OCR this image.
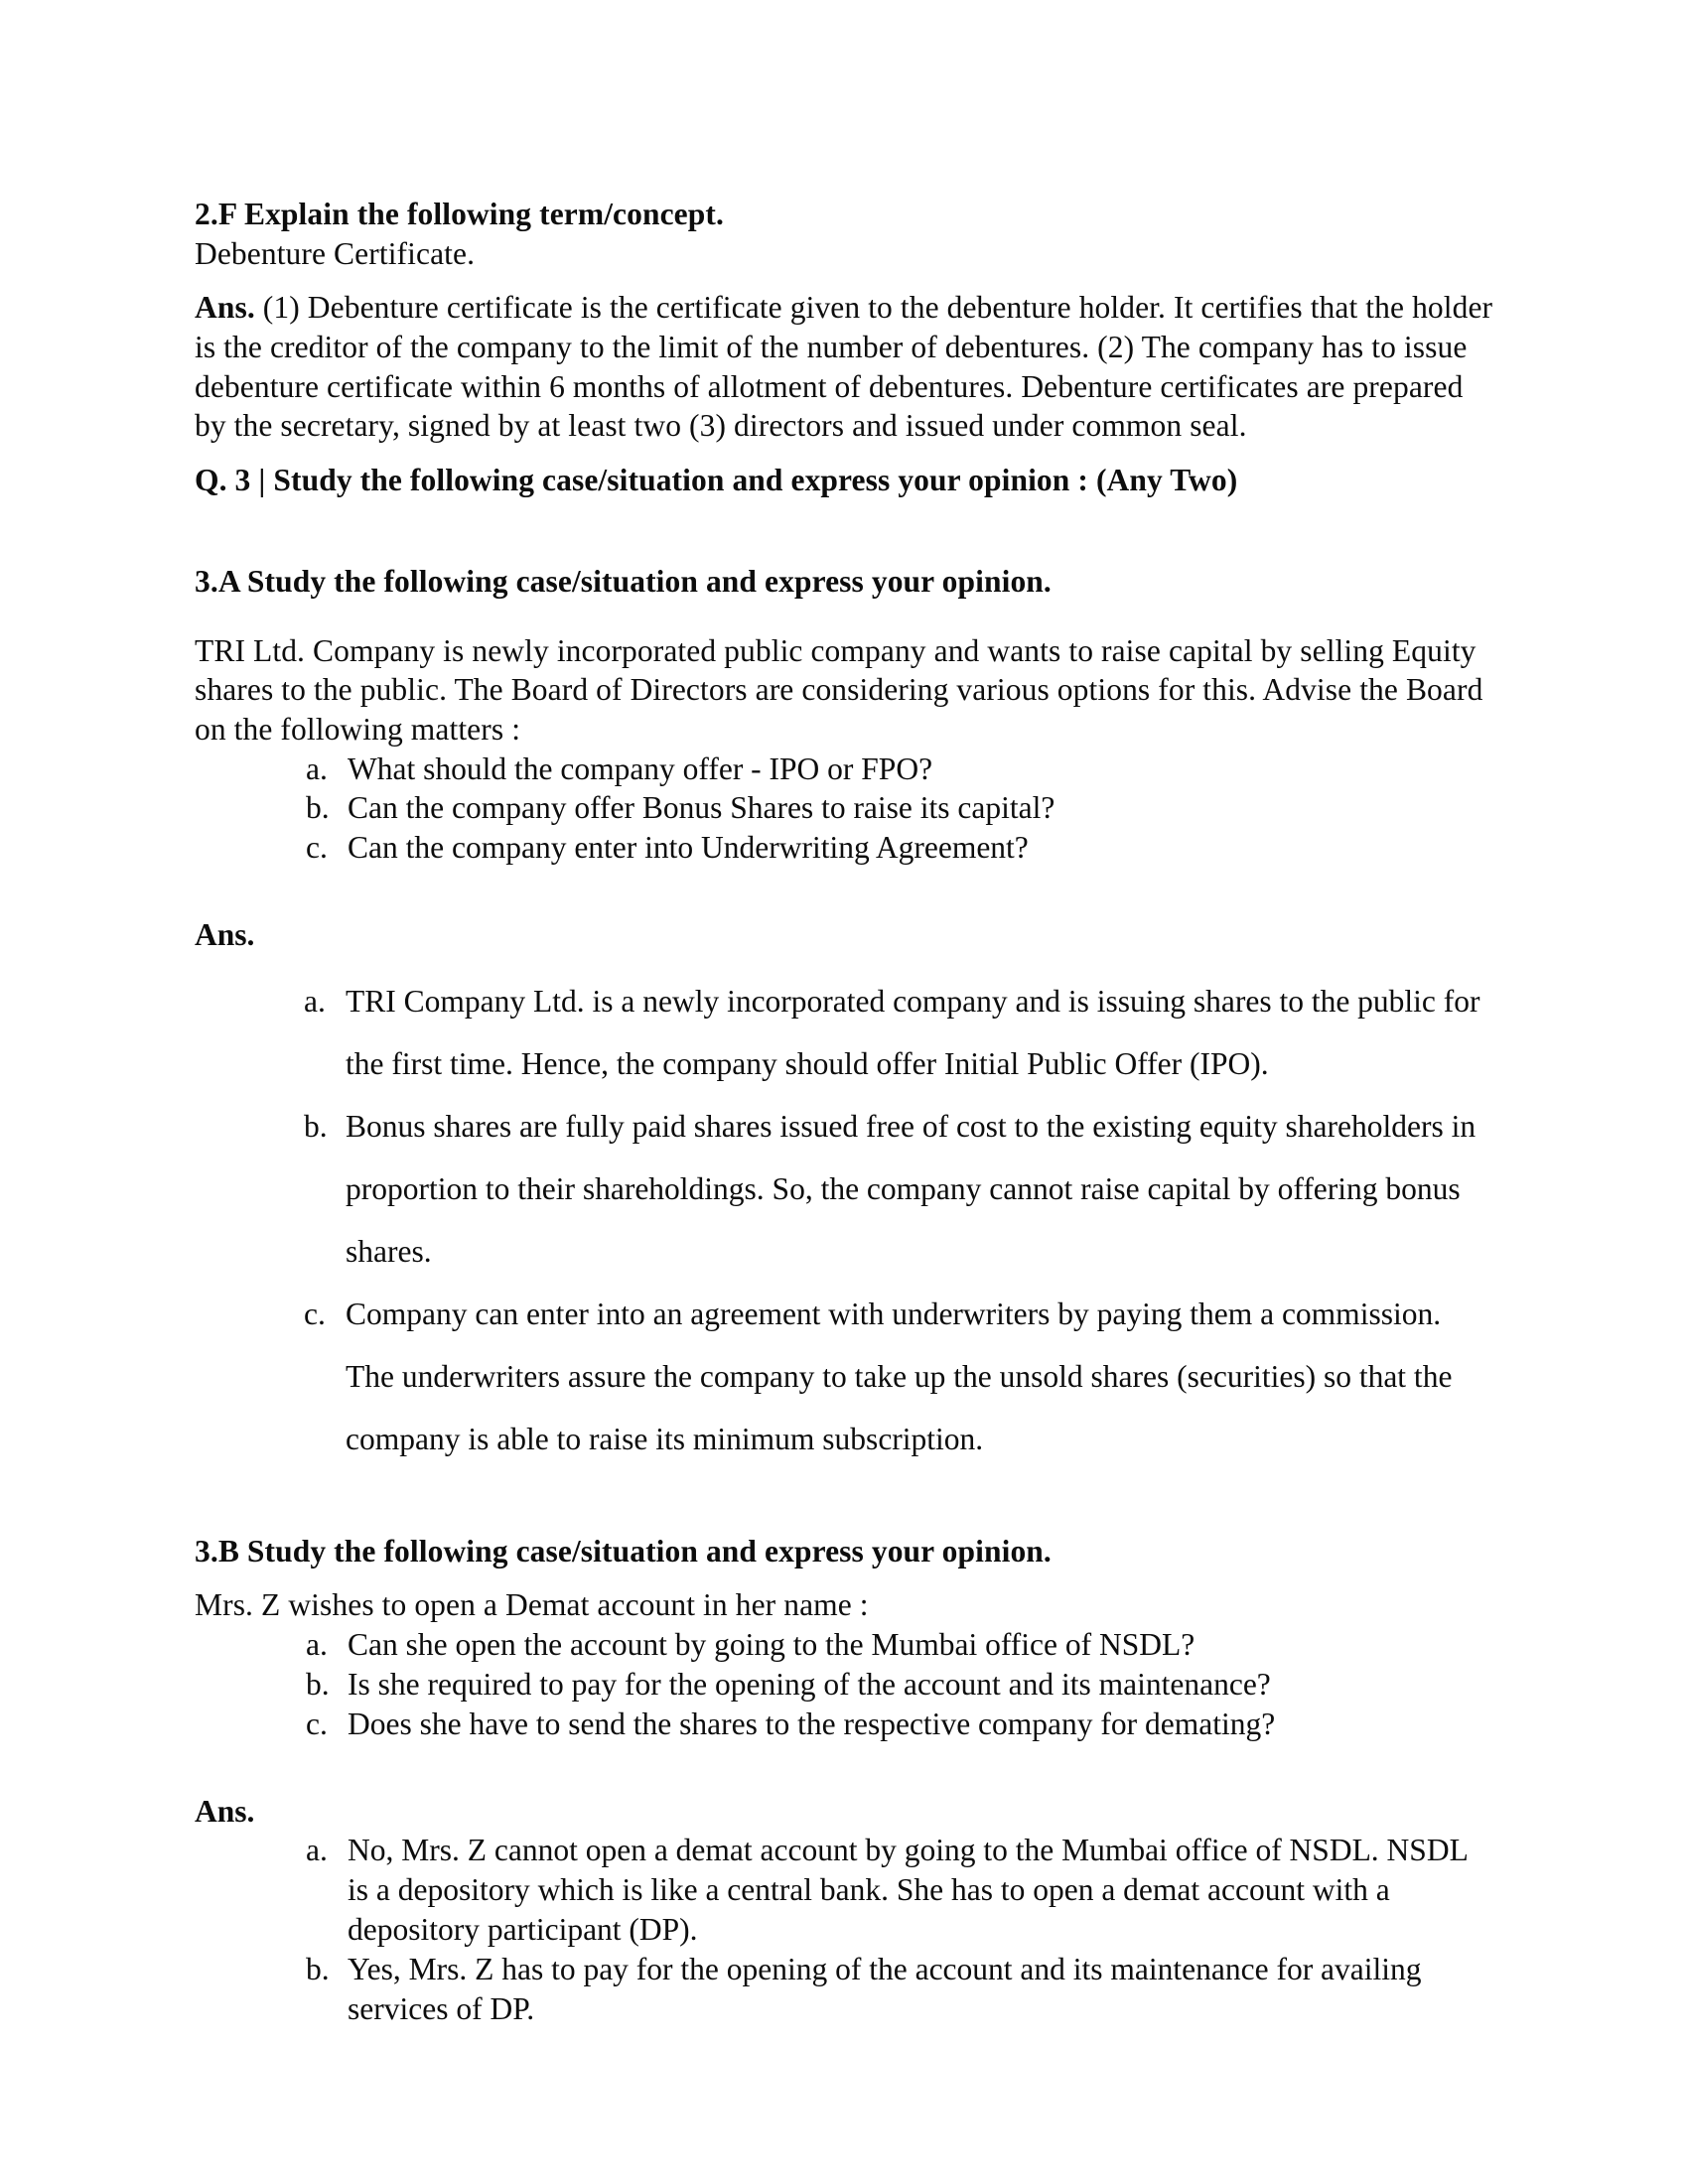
2.F Explain the following term/concept.

Debenture Certificate.

Ans. (1) Debenture certificate is the certificate given to the debenture holder. It certifies that the holder is the creditor of the company to the limit of the number of debentures. (2) The company has to issue debenture certificate within 6 months of allotment of debentures. Debenture certificates are prepared by the secretary, signed by at least two (3) directors and issued under common seal.

Q. 3 | Study the following case/situation and express your opinion : (Any Two)

3.A Study the following case/situation and express your opinion.

TRI Ltd. Company is newly incorporated public company and wants to raise capital by selling Equity shares to the public. The Board of Directors are considering various options for this. Advise the Board on the following matters :

a. What should the company offer - IPO or FPO?
b. Can the company offer Bonus Shares to raise its capital?
c. Can the company enter into Underwriting Agreement?

Ans.

a. TRI Company Ltd. is a newly incorporated company and is issuing shares to the public for the first time. Hence, the company should offer Initial Public Offer (IPO).
b. Bonus shares are fully paid shares issued free of cost to the existing equity shareholders in proportion to their shareholdings. So, the company cannot raise capital by offering bonus shares.
c. Company can enter into an agreement with underwriters by paying them a commission. The underwriters assure the company to take up the unsold shares (securities) so that the company is able to raise its minimum subscription.

3.B Study the following case/situation and express your opinion.

Mrs. Z wishes to open a Demat account in her name :

a. Can she open the account by going to the Mumbai office of NSDL?
b. Is she required to pay for the opening of the account and its maintenance?
c. Does she have to send the shares to the respective company for demating?

Ans.

a. No, Mrs. Z cannot open a demat account by going to the Mumbai office of NSDL. NSDL is a depository which is like a central bank. She has to open a demat account with a depository participant (DP).
b. Yes, Mrs. Z has to pay for the opening of the account and its maintenance for availing services of DP.
